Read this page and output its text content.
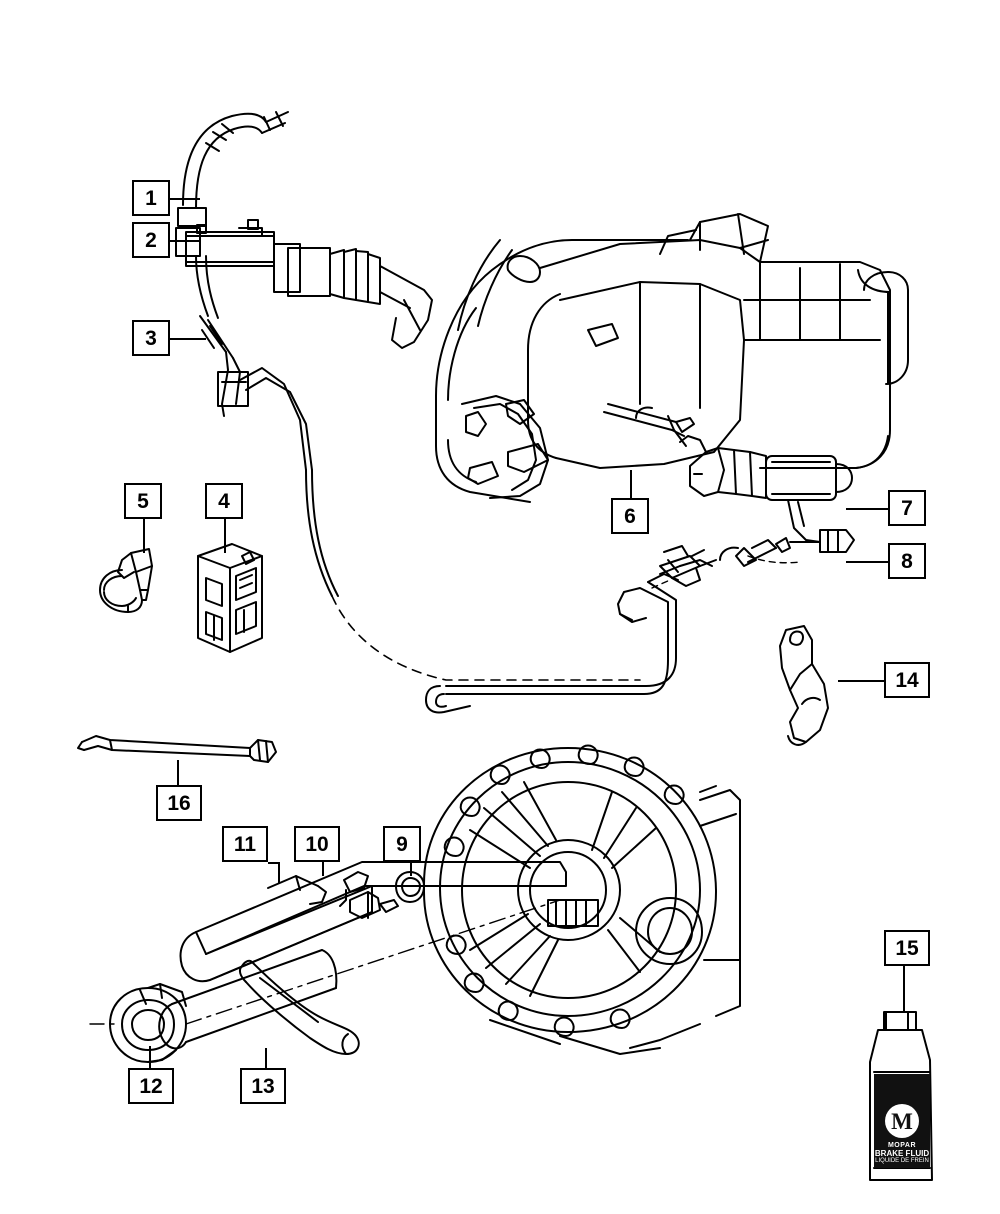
M
MOPAR
BRAKE FLUID
LIQUIDE DE FREIN
1
2
3
4
5
6	7
8
9
10
11
12	13
14
15
16
